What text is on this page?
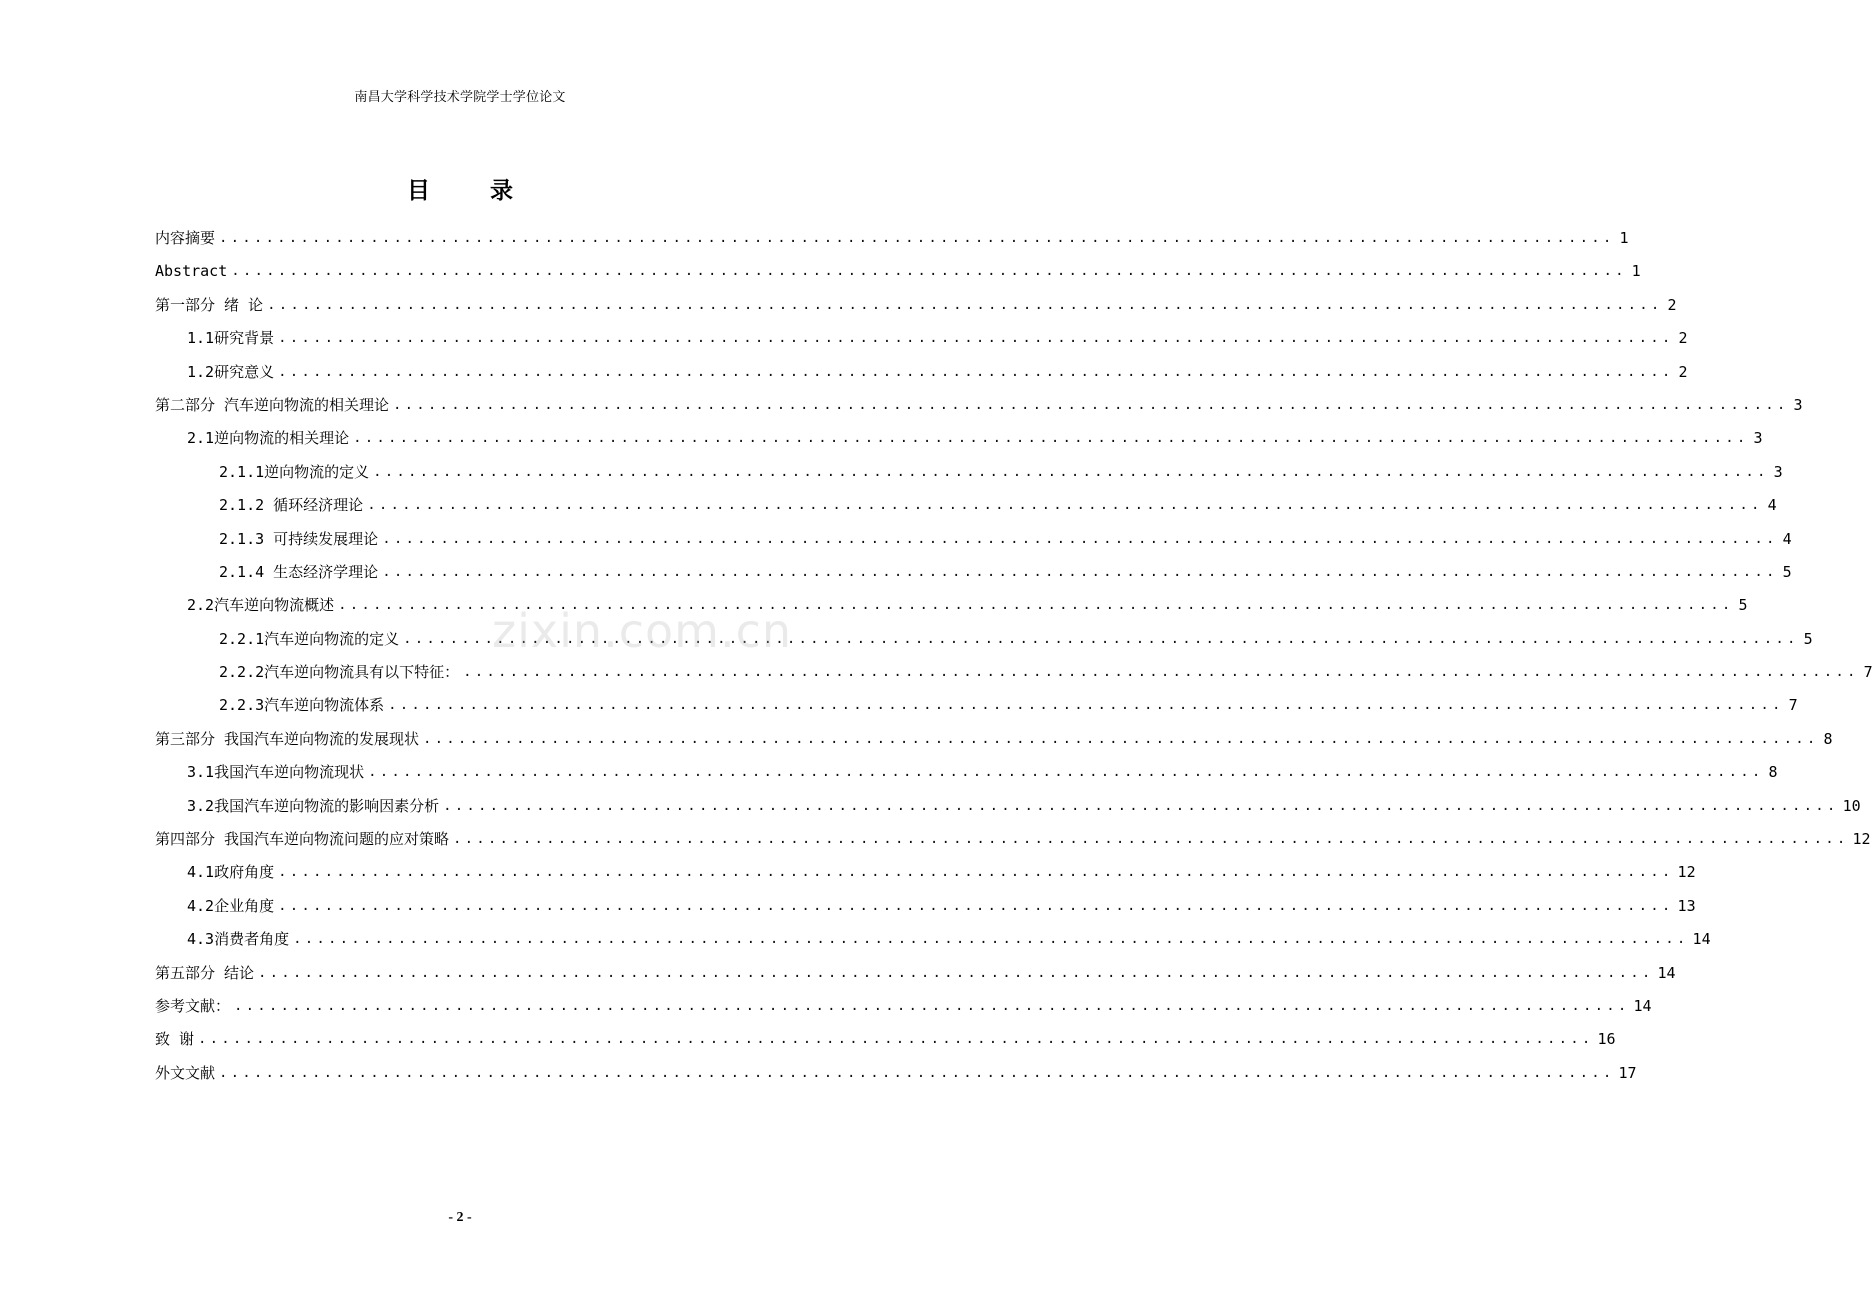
南昌大学科学技术学院学士学位论文
目 录
内容摘要 ........................................................................................................................ 1
Abstract ........................................................................................................................ 1
第一部分 绪 论 ........................................................................................................................ 2
1.1研究背景 ........................................................................................................................ 2
1.2研究意义 ........................................................................................................................ 2
第二部分 汽车逆向物流的相关理论 ........................................................................................................................ 3
2.1逆向物流的相关理论 ........................................................................................................................ 3
2.1.1逆向物流的定义 ........................................................................................................................ 3
2.1.2 循环经济理论 ........................................................................................................................ 4
2.1.3 可持续发展理论 ........................................................................................................................ 4
2.1.4 生态经济学理论 ........................................................................................................................ 5
2.2汽车逆向物流概述 ........................................................................................................................ 5
2.2.1汽车逆向物流的定义 ........................................................................................................................ 5
2.2.2汽车逆向物流具有以下特征： ........................................................................................................................ 7
2.2.3汽车逆向物流体系 ........................................................................................................................ 7
第三部分 我国汽车逆向物流的发展现状 ........................................................................................................................ 8
3.1我国汽车逆向物流现状 ........................................................................................................................ 8
3.2我国汽车逆向物流的影响因素分析 ........................................................................................................................ 10
第四部分 我国汽车逆向物流问题的应对策略 ........................................................................................................................ 12
4.1政府角度 ........................................................................................................................ 12
4.2企业角度 ........................................................................................................................ 13
4.3消费者角度 ........................................................................................................................ 14
第五部分 结论 ........................................................................................................................ 14
参考文献： ........................................................................................................................ 14
致 谢 ........................................................................................................................ 16
外文文献 ........................................................................................................................ 17
zixin.com.cn
- 2 -
